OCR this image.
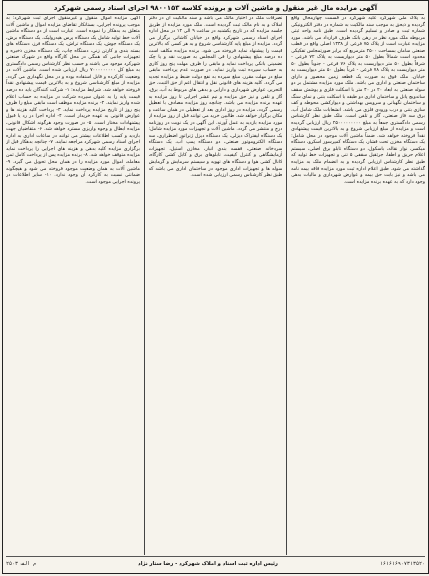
آگهی مزایده مال غیر منقول و ماشین آلات و برونده کلاسه ۹۸۰۰۱۵۳ اجرای اسناد رسمی شهرکرد

به پلاک ملی شهرکرد علیه شهرکرد در قسمت چهارمحال واقع گردیده و ذیحق به موجب سند مالکیت به شماره در دفتر الکترونیکی شماره ثبت و صادر و تسلیم گردیده است. طبق نامه واحد ثبتی مربوطه ملک مورد نظر در رهن بانک طرف قرارداد می باشد. مورد مزایده عبارت است از پلاک ۷۵ فرعی از ۱۳۳۸ اصلی واقع در قطب صنعتی سامان بمساحت ۲۵۰۰ مترمربع که برابر صورتمجلس تفکیکی محدود است شمالاً بطول ۵۰ متر دیواریست به پلاک ۷۲ فرعی - شرقاً بطول ۵۰ متر دیواریست به پلاک ۷۶ فرعی - جنوباً بطول ۵۰ متر دیواریست به پلاک ۷۸ فرعی - غرباً بطول ۵۰ متر دیواریست به خیابان. ملک فوق به صورت یک قطعه زمین محصور و دارای ساختمان صنعتی و اداری می باشد. ملک مورد مزایده مشتمل بر دو سوله صنعتی به ابعاد ۲۰ در ۴۰ متر با اسکلت فلزی و پوشش سقف ساندویچ پانل و ساختمان اداری دو طبقه با اسکلت بتنی و نمای سنگ و ساختمان نگهبانی و سرویس بهداشتی و دیوارکشی محوطه و کف سازی بتنی و درب ورودی فلزی می باشد. انشعابات ملک شامل آب، برق سه فاز صنعتی، گاز و تلفن است. ملک طبق نظر کارشناس رسمی دادگستری جمعاً به مبلغ ۲۵۰۰۰۰۰۰۰۰۰ ریال ارزیابی گردیده است و مزایده از مبلغ ارزیابی شروع و به بالاترین قیمت پیشنهادی نقداً فروخته خواهد شد. ضمناً ماشین آلات موجود در محل شامل: یک دستگاه مخزن تحت فشار، یک دستگاه کمپرسور اسکرو، دستگاه میکسر، نوار نقاله، باسکول، دو دستگاه تابلو برق اصلی، سیستم اعلام حریق و اطفا، جرثقیل سقفی ۵ تنی و تجهیزات خط تولید که طبق نظر کارشناس ارزیابی گردیده و به انضمام ملک به مزایده گذاشته می شود. طبق اعلام اداره ثبت مورد مزایده فاقد بیمه نامه می باشد و نیز بابت حق بیمه و عوارض شهرداری و مالیات بدهی وجود دارد که به عهده برنده مزایده است.

تصرفات ملک در اختیار مالک می باشد و سند مالکیت آن در دفتر املاک و به نام مالک ثبت گردیده است. ملک مورد مزایده از طریق جلسه مزایده که در تاریخ یکشنبه در ساعت ۹ الی ۱۲ در محل اداره اجرای اسناد رسمی شهرکرد واقع در خیابان کاشانی برگزار می گردد. مزایده از مبلغ پایه کارشناسی شروع و به هر کسی که بالاترین قیمت را پیشنهاد نماید فروخته می شود. برنده مزایده مکلف است ده درصد مبلغ پیشنهادی را فی المجلس به صورت نقد و یا چک تضمینی بانکی پرداخت نماید و مابقی را ظرف مهلت پنج روز کاری به حساب سپرده ثبت واریز نماید. در صورت عدم پرداخت مابقی مبلغ در مهلت مقرر، مبلغ سپرده به نفع دولت ضبط و مزایده تجدید می گردد. کلیه هزینه های قانونی نقل و انتقال اعم از حق الثبت، حق التحریر، عوارض شهرداری و دارایی و بدهی های مربوط به آب، برق، گاز و تلفن و نیز حق مزایده و نیم عشر اجرایی تا روز مزایده به عهده برنده مزایده می باشد. چنانچه روز مزایده مصادف با تعطیل رسمی گردد، مزایده در روز اداری بعد از تعطیلی در همان ساعت و مکان برگزار خواهد شد. طالبین خرید می توانند قبل از روز مزایده از مورد مزایده بازدید به عمل آورند. این آگهی در یک نوبت در روزنامه درج و منتشر می گردد. ماشین آلات و تجهیزات مورد مزایده شامل: یک دستگاه لیفتراک دیزلی، یک دستگاه دیزل ژنراتور اضطراری، سه دستگاه الکتروموتور صنعتی، دو دستگاه پمپ آب، یک دستگاه سردخانه صنعتی، قفسه بندی انبار، مخازن استیل، تجهیزات آزمایشگاهی و کنترل کیفیت، تابلوهای برق و کابل کشی کارگاه، کانال کشی هوا و دستگاه های تهویه و سیستم سرمایش و گرمایش سوله ها و تجهیزات اداری موجود در ساختمان اداری می باشد که طبق نظر کارشناس رسمی ارزیابی شده است.

آگهی مزایده اموال منقول و غیرمنقول اجرای ثبت شهرکرد: به موجب پرونده اجرایی، بستانکار تقاضای مزایده اموال و ماشین آلات متعلق به بدهکار را نموده است. عبارت است از دو دستگاه ماشین آلات خط تولید شامل یک دستگاه پرس هیدرولیک، یک دستگاه برش، یک دستگاه جوش، یک دستگاه تراش، یک دستگاه فرز، دستگاه های بسته بندی و کارتن زنی، دستگاه چاپ، یک دستگاه مخزن ذخیره و تجهیزات جانبی که همگی در محل کارگاه واقع در شهرک صنعتی شهرکرد موجود می باشند و حسب نظر کارشناس رسمی دادگستری به مبلغ کل ۷۰۰۰۰۰۰۰۰۰ ریال ارزیابی شده است. ماشین آلات در وضعیت کارکرده و قابل استفاده بوده و در محل نگهداری می گردد. مزایده از مبلغ کارشناسی شروع و به بالاترین قیمت پیشنهادی نقداً فروخته خواهد شد. شرایط مزایده: ۱- شرکت کنندگان باید ده درصد قیمت پایه را به عنوان سپرده شرکت در مزایده به حساب اعلام شده واریز نمایند. ۲- برنده مزایده موظف است مابقی مبلغ را ظرف پنج روز از تاریخ مزایده پرداخت نماید. ۳- پرداخت کلیه هزینه ها و عوارض قانونی به عهده خریدار است. ۴- اداره اجرا در رد یا قبول پیشنهادات مختار است. ۵- در صورت وجود هرگونه اشکال قانونی، مزایده ابطال و وجوه واریزی مسترد خواهد شد. ۶- متقاضیان جهت بازدید و کسب اطلاعات بیشتر می توانند در ساعات اداری به اداره اجرای اسناد رسمی شهرکرد مراجعه نمایند. ۷- چنانچه بدهکار قبل از برگزاری مزایده کلیه بدهی و هزینه های اجرایی را پرداخت نماید مزایده متوقف خواهد شد. ۸- برنده مزایده پس از پرداخت کامل ثمن معامله، اموال مورد مزایده را در همان محل تحویل می گیرد. ۹- ماشین آلات به همان وضعیت موجود فروخته می شود و هیچگونه ضمانتی نسبت به کارکرد آن وجود ندارد. ۱۰- سایر اطلاعات در پرونده اجرایی موجود است.

۱۶۱۶۱۶۹۰۷۳۱۳۵۲۰
رئیس اداره ثبت اسناد و املاک شهرکرد - رضا ستار نژاد
م الف ۲۵۰۳
